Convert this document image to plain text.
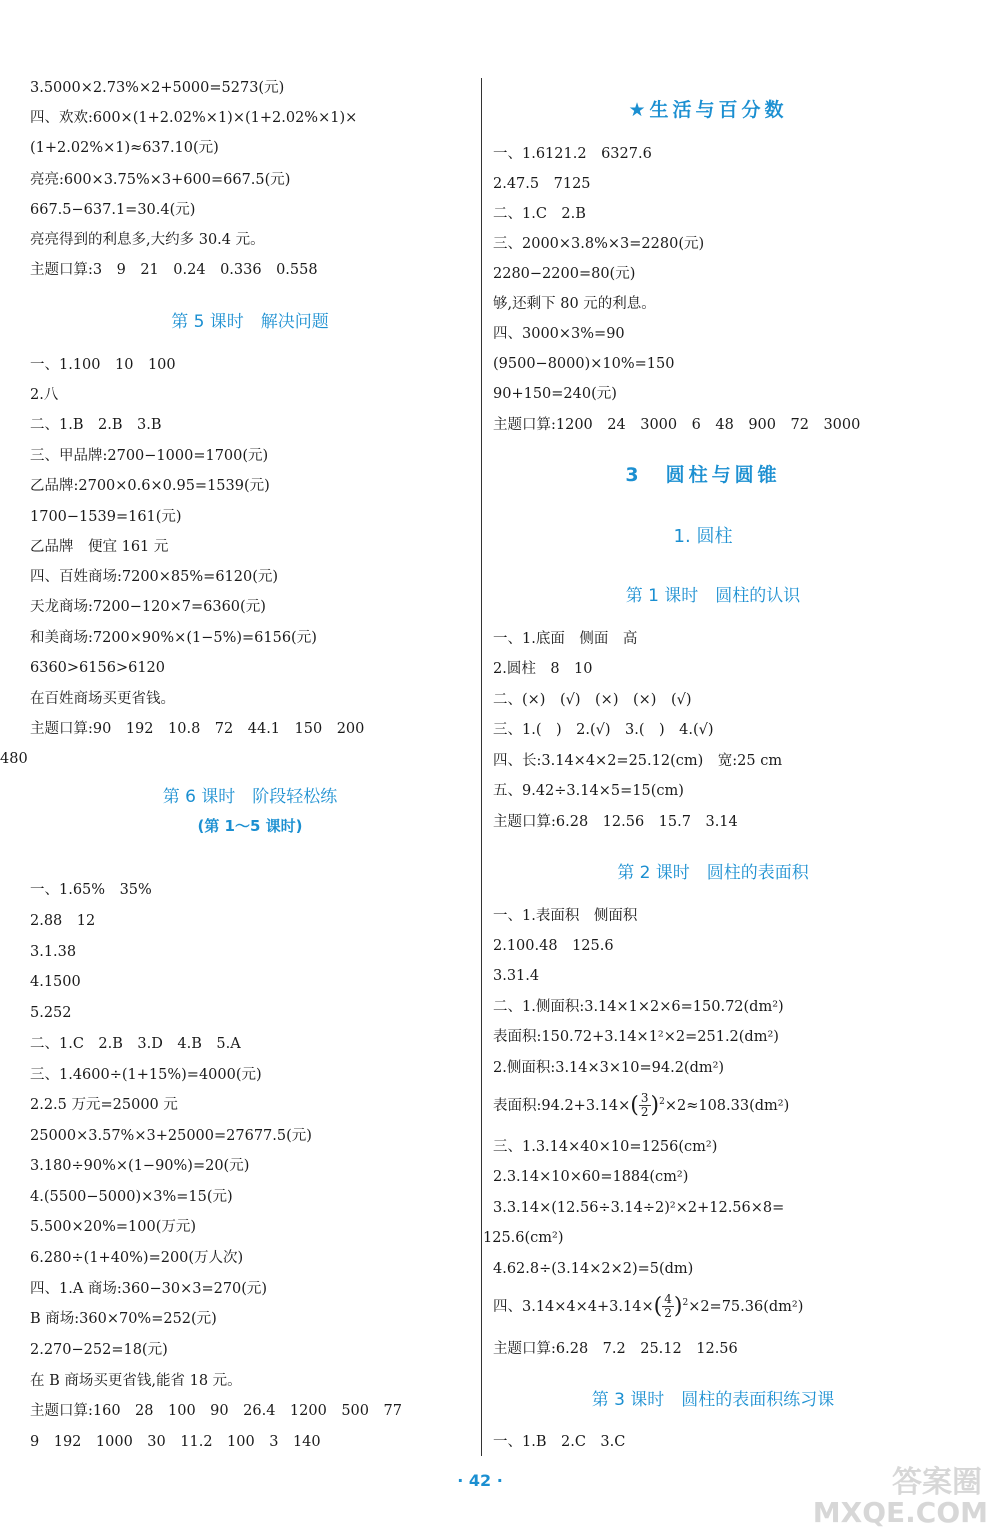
3.5000×2.73%×2+5000=5273(元)
四、欢欢:600×(1+2.02%×1)×(1+2.02%×1)×
(1+2.02%×1)≈637.10(元)
亮亮:600×3.75%×3+600=667.5(元)
667.5−637.1=30.4(元)
亮亮得到的利息多,大约多 30.4 元。
主题口算:3　9　21　0.24　0.336　0.558
第 5 课时　解决问题
一、1.100　10　100
2.八
二、1.B　2.B　3.B
三、甲品牌:2700−1000=1700(元)
乙品牌:2700×0.6×0.95=1539(元)
1700−1539=161(元)
乙品牌　便宜 161 元
四、百姓商场:7200×85%=6120(元)
天龙商场:7200−120×7=6360(元)
和美商场:7200×90%×(1−5%)=6156(元)
6360>6156>6120
在百姓商场买更省钱。
主题口算:90　192　10.8　72　44.1　150　200
480
第 6 课时　阶段轻松练
(第 1～5 课时)
一、1.65%　35%
2.88　12
3.1.38
4.1500
5.252
二、1.C　2.B　3.D　4.B　5.A
三、1.4600÷(1+15%)=4000(元)
2.2.5 万元=25000 元
25000×3.57%×3+25000=27677.5(元)
3.180÷90%×(1−90%)=20(元)
4.(5500−5000)×3%=15(元)
5.500×20%=100(万元)
6.280÷(1+40%)=200(万人次)
四、1.A 商场:360−30×3=270(元)
B 商场:360×70%=252(元)
2.270−252=18(元)
在 B 商场买更省钱,能省 18 元。
主题口算:160　28　100　90　26.4　1200　500　77
9　192　1000　30　11.2　100　3　140
★生活与百分数
一、1.6121.2　6327.6
2.47.5　7125
二、1.C　2.B
三、2000×3.8%×3=2280(元)
2280−2200=80(元)
够,还剩下 80 元的利息。
四、3000×3%=90
(9500−8000)×10%=150
90+150=240(元)
主题口算:1200　24　3000　6　48　900　72　3000
3　圆柱与圆锥
1. 圆柱
第 1 课时　圆柱的认识
一、1.底面　侧面　高
2.圆柱　8　10
二、(×)　(√)　(×)　(×)　(√)
三、1.(　)　2.(√)　3.(　)　4.(√)
四、长:3.14×4×2=25.12(cm)　宽:25 cm
五、9.42÷3.14×5=15(cm)
主题口算:6.28　12.56　15.7　3.14
第 2 课时　圆柱的表面积
一、1.表面积　侧面积
2.100.48　125.6
3.31.4
二、1.侧面积:3.14×1×2×6=150.72(dm²)
表面积:150.72+3.14×1²×2=251.2(dm²)
2.侧面积:3.14×3×10=94.2(dm²)
表面积:94.2+3.14×( $\frac{3}{2} )^2\times 2\approx 108.33(dm^2)$
三、1.3.14×40×10=1256(cm²)
2.3.14×10×60=1884(cm²)
3.3.14×(12.56÷3.14÷2)²×2+12.56×8=
125.6(cm²)
4.62.8÷(3.14×2×2)=5(dm)
四、$3.14\times 4\times 4+3.14\times( \frac{4}{2} )^2\times 2=75.36(dm^2)$
主题口算:6.28　7.2　25.12　12.56
第 3 课时　圆柱的表面积练习课
一、1.B　2.C　3.C
· 42 ·	答案圈
MXQE.COM
